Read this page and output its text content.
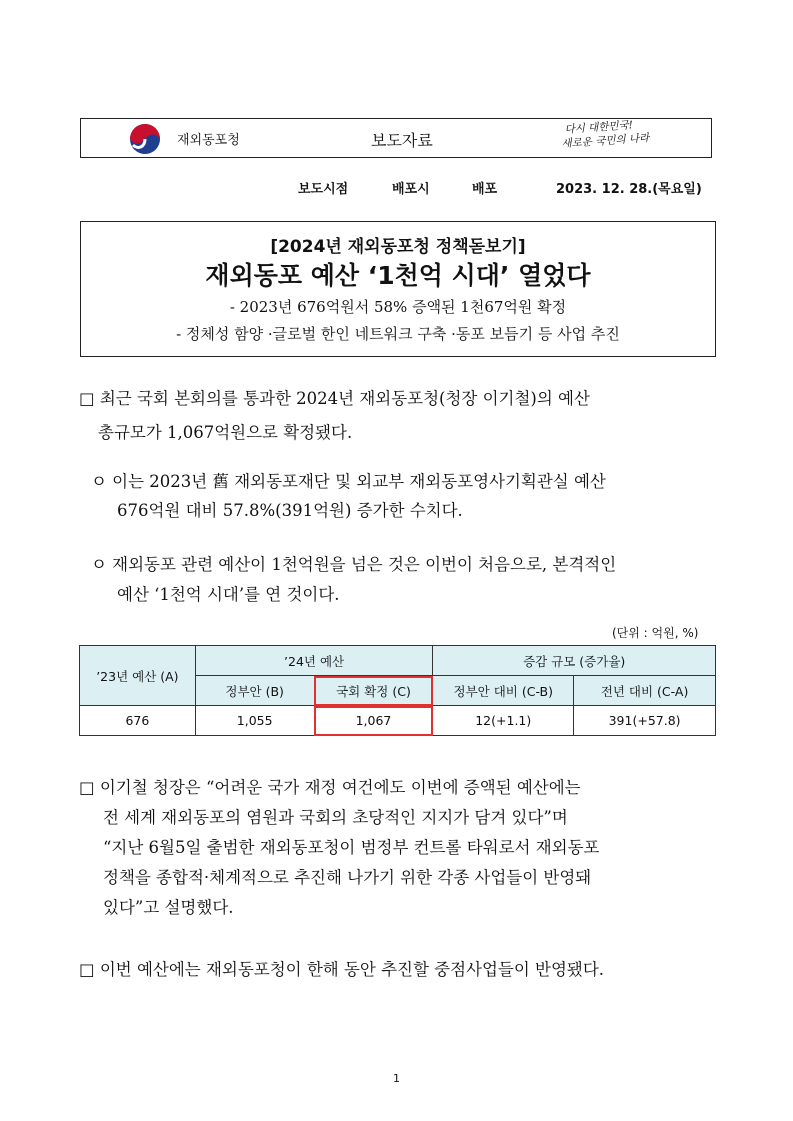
재외동포청	보도자료
다시 대한민국!
새로운 국민의 나라
보도시점	배포시	배포	2023. 12. 28.(목요일)
[2024년 재외동포청 정책돋보기]
재외동포 예산 ‘1천억 시대’ 열었다
- 2023년 676억원서 58% 증액된 1천67억원 확정
- 정체성 함양 ·글로벌 한인 네트워크 구축 ·동포 보듬기 등 사업 추진
□ 최근 국회 본회의를 통과한 2024년 재외동포청(청장 이기철)의 예산
총규모가 1,067억원으로 확정됐다.
ㅇ 이는 2023년 舊 재외동포재단 및 외교부 재외동포영사기획관실 예산
676억원 대비 57.8%(391억원) 증가한 수치다.
ㅇ 재외동포 관련 예산이 1천억원을 넘은 것은 이번이 처음으로, 본격적인
예산 ‘1천억 시대’를 연 것이다.
(단위 : 억원, %)
’23년 예산 (A)	’24년 예산		증감 규모 (증가율)	
	정부안 (B)	국회 확정 (C)	정부안 대비 (C-B)	전년 대비 (C-A)
676	1,055	1,067	12(+1.1)	391(+57.8)
□ 이기철 청장은 “어려운 국가 재정 여건에도 이번에 증액된 예산에는
전 세계 재외동포의 염원과 국회의 초당적인 지지가 담겨 있다”며
“지난 6월5일 출범한 재외동포청이 범정부 컨트롤 타워로서 재외동포
정책을 종합적·체계적으로 추진해 나가기 위한 각종 사업들이 반영돼
있다”고 설명했다.
□ 이번 예산에는 재외동포청이 한해 동안 추진할 중점사업들이 반영됐다.
1
